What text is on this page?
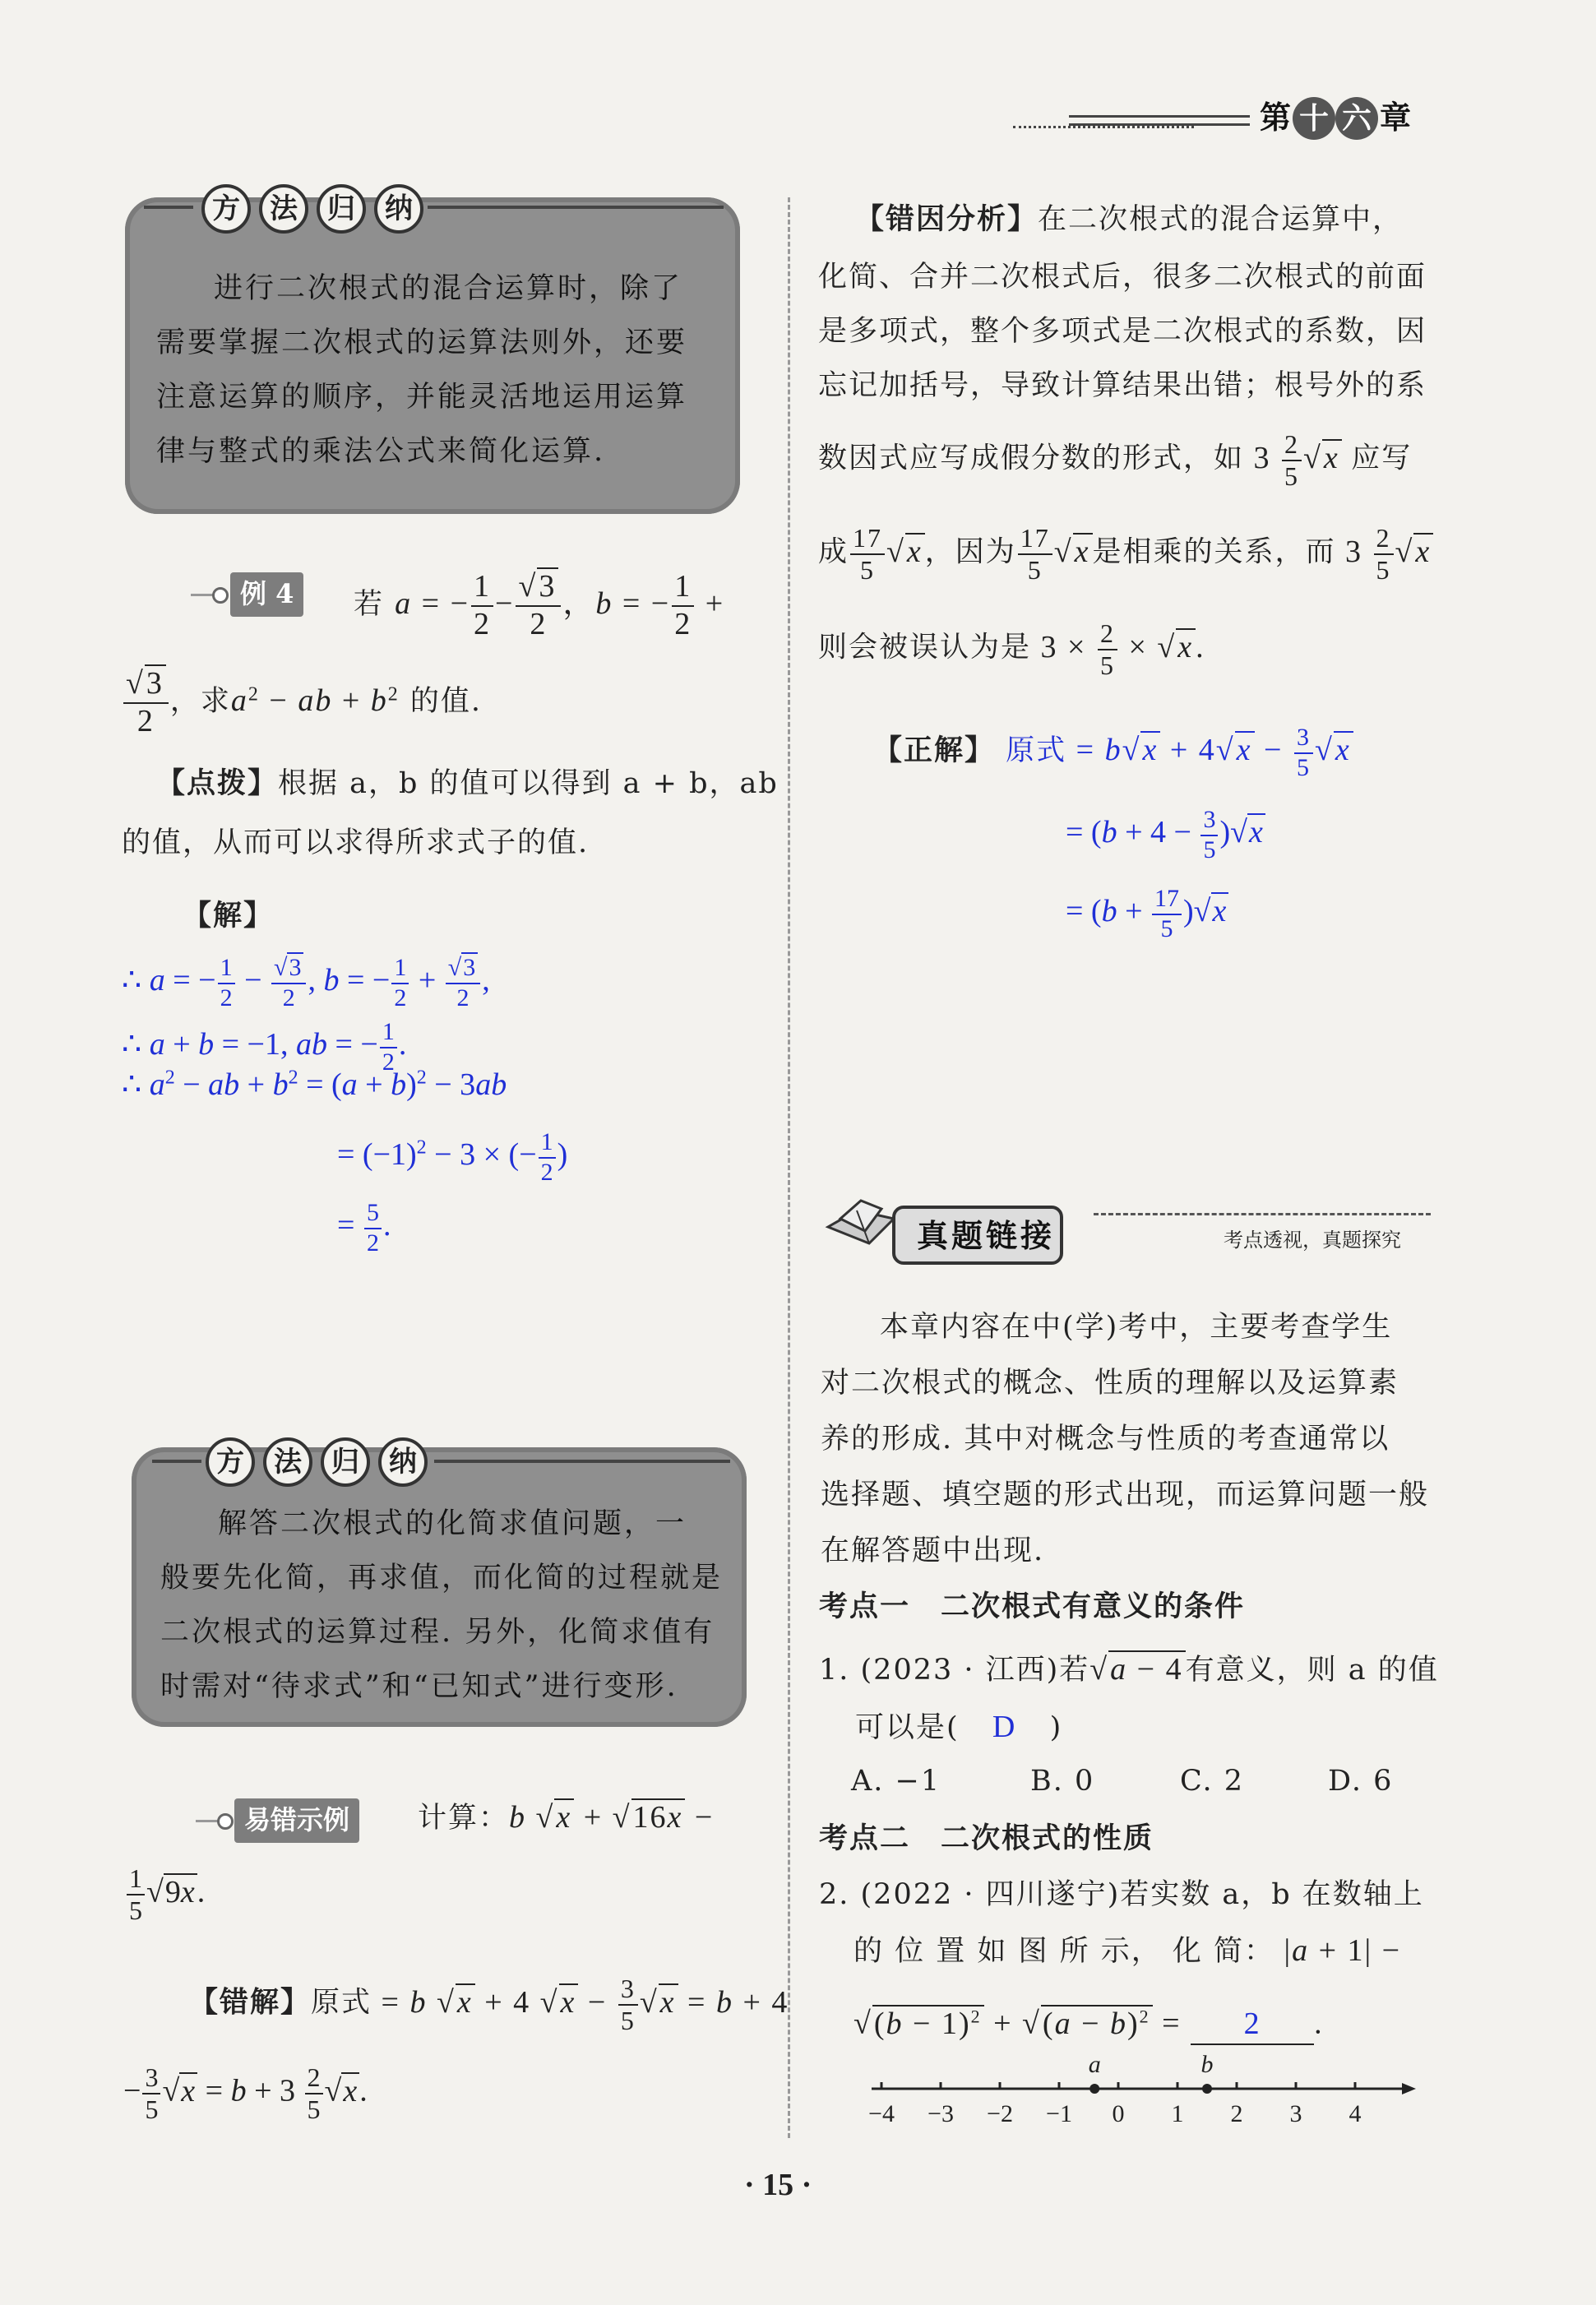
第 十 六 章
方	法	归	纳
进行二次根式的混合运算时，除了
需要掌握二次根式的运算法则外，还要
注意运算的顺序，并能灵活地运用运算
律与整式的乘法公式来简化运算.
例 4	若 a = − $\frac{1}{2} - \frac{√3}{2}$ ，b = − $\frac{1}{2}$ +
$\frac{√3}{2}$ ，求$a^2$ − ab + $b^2$ 的值.
【点拨】根据 a，b 的值可以得到 a + b，ab
的值，从而可以求得所求式子的值.
【解】
∴ a = − $\frac{1}{2} - \frac{√3}{2}$ , b = − $\frac{1}{2} + \frac{√3}{2}$ ,
∴ a + b = −1, ab = − $\frac{1}{2}$ .
∴ $a^2$ − ab + $b^2 = (a + b)^2 - 3ab$
= $(-1)^2 - 3$ × (− $\frac{1}{2}$ )
= $\frac{5}{2}$ .
方	法	归	纳
解答二次根式的化简求值问题，一
般要先化简，再求值，而化简的过程就是
二次根式的运算过程. 另外，化简求值有
时需对“待求式”和“已知式”进行变形.
易错示例	计算：b √x + √16x −
$\frac{1}{5} √9x$.
【错解】原式 = b √x + 4 $√x - \frac{3}{5} √x = b + 4$
− $\frac{3}{5} √x = b + 3 \frac{2}{5} √x$.
【错因分析】在二次根式的混合运算中，
化简、合并二次根式后，很多二次根式的前面
是多项式，整个多项式是二次根式的系数，因
忘记加括号，导致计算结果出错；根号外的系
数因式应写成假分数的形式，如 $3 \frac{2}{5} √x$ 应写
成 $\frac{17}{5} √x$，因为 $\frac{17}{5} √x$是相乘的关系，而 $3 \frac{2}{5} √x$
则会被误认为是 $3 \times \frac{2}{5} \times √x$.
【正解】 原式 = $b√x + 4√x - \frac{3}{5} √x$
= $(b + 4 - \frac{3}{5} )√x$
= $(b + \frac{17}{5} )√x$
真题链接	考点透视，真题探究
本章内容在中(学)考中，主要考查学生
对二次根式的概念、性质的理解以及运算素
养的形成. 其中对概念与性质的考查通常以
选择题、填空题的形式出现，而运算问题一般
在解答题中出现.
考点一　二次根式有意义的条件
1. (2023 · 江西)若√a − 4有意义，则 a 的值
可以是( D )
A. −1	B. 0	C. 2	D. 6
考点二　二次根式的性质
2. (2022 · 四川遂宁)若实数 a，b 在数轴上
的 位 置 如 图 所 示， 化 简： |a + 1| −
$√(b - 1)^2 + √(a - b)^2 = 2$ .
−4 −3 −2 −1 0 1 2 3 4
a	b
· 15 ·
